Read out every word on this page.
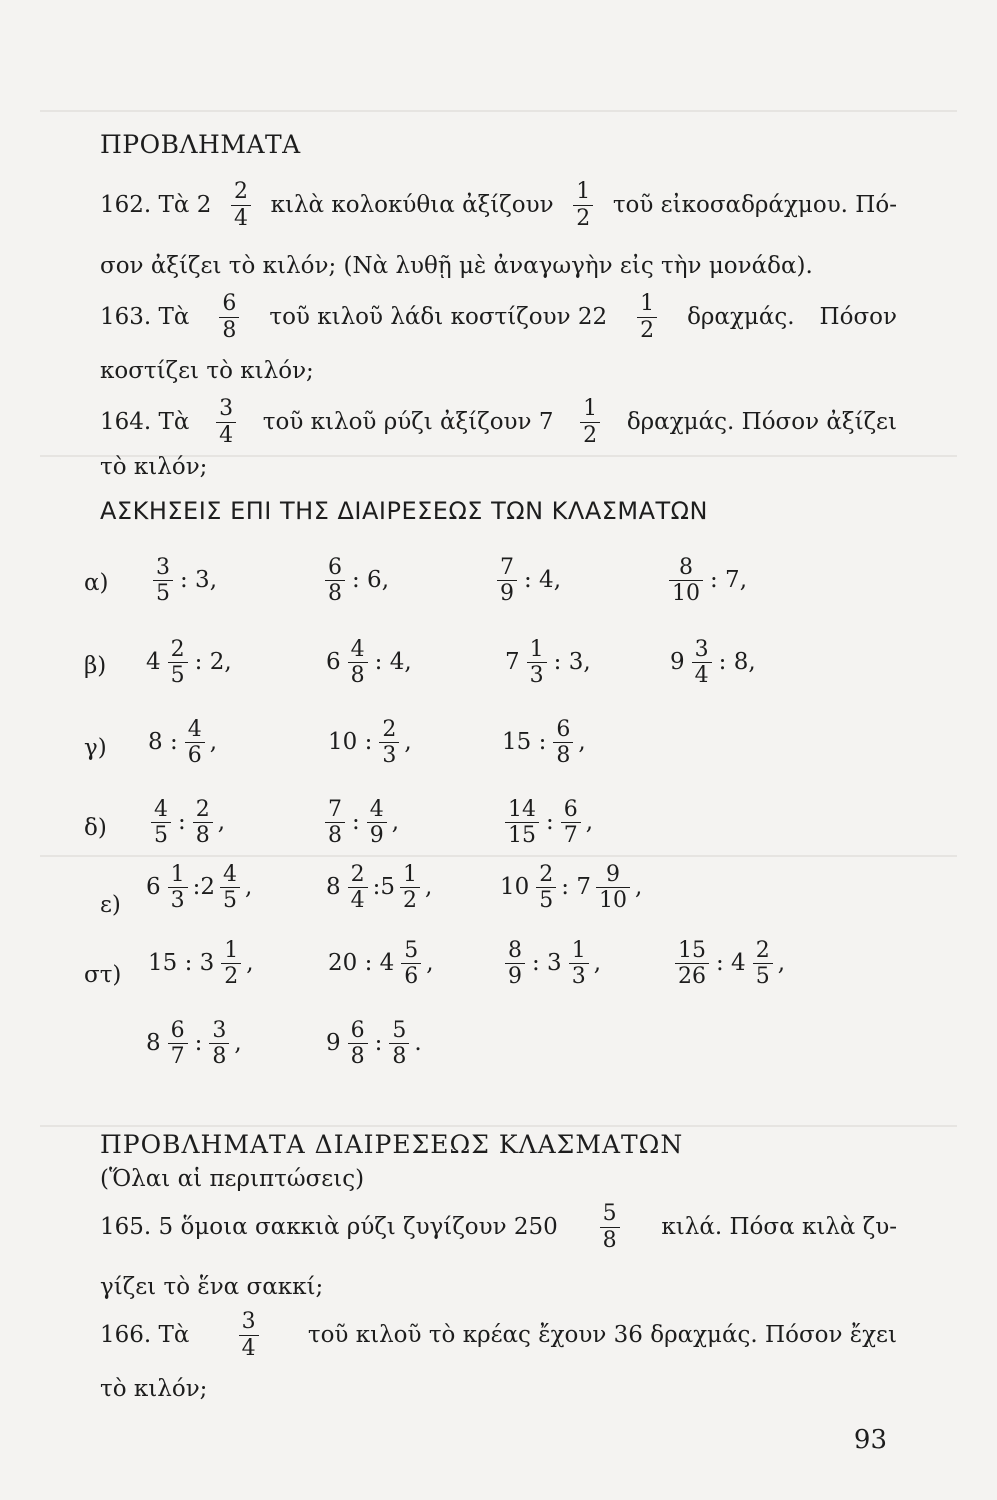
ΠΡΟΒΛΗΜΑΤΑ
162. Τὰ $2 \frac{2}{4}$ κιλὰ κολοκύθια ἀξίζουν $\frac{1}{2}$ τοῦ εἰκοσαδράχμου. Πό-
σον ἀξίζει τὸ κιλόν; (Νὰ λυθῇ μὲ ἀναγωγὴν εἰς τὴν μονάδα).
163. Τὰ $\frac{6}{8}$ τοῦ κιλοῦ λάδι κοστίζουν $22 \frac{1}{2} \delta\rho\alpha\chi\mu ά\varsigma$. Πόσον
κοστίζει τὸ κιλόν;
164. Τὰ $\frac{3}{4}$ τοῦ κιλοῦ ρύζι ἀξίζουν $7 \frac{1}{2} \delta\rho\alpha\chi\mu ά\varsigma$. Πόσον ἀξίζει
τὸ κιλόν;
ΑΣΚΗΣΕΙΣ ΕΠΙ ΤΗΣ ΔΙΑΙΡΕΣΕΩΣ ΤΩΝ ΚΛΑΣΜΑΤΩΝ
$\alpha) \frac{3}{5}$ : 3,	$\frac{6}{8}$ : 6,	$\frac{7}{9}$ : 4,	$\frac{8}{10}$ : 7,
β) $4 \frac{2}{5}$ : 2,	$6 \frac{4}{8}$ : 4,	$7 \frac{1}{3}$ : 3,	$9 \frac{3}{4}$ : 8,
γ) 8 : $\frac{4}{6}$ ,	10 : $\frac{2}{3}$ ,	15 : $\frac{6}{8}$ ,
$\delta) \frac{4}{5}$ : $\frac{2}{8}$ ,	$\frac{7}{8}$ : $\frac{4}{9}$ ,	$\frac{14}{15}$ : $\frac{6}{7}$ ,
ε)
$6 \frac{1}{3}$ :2 $\frac{4}{5}$ ,	$8 \frac{2}{4}$ :5 $\frac{1}{2}$ ,	$10 \frac{2}{5}$ : $7 \frac{9}{10}$ ,
στ) 15 : $3 \frac{1}{2}$ ,	20 : $4 \frac{5}{6}$ ,	$\frac{8}{9}$ : $3 \frac{1}{3}$ ,	$\frac{15}{26}$ : $4 \frac{2}{5}$ ,
$8 \frac{6}{7}$ : $\frac{3}{8}$ ,	$9 \frac{6}{8}$ : $\frac{5}{8}$ .
ΠΡΟΒΛΗΜΑΤΑ ΔΙΑΙΡΕΣΕΩΣ ΚΛΑΣΜΑΤΩΝ
(Ὅλαι αἱ περιπτώσεις)
165. 5 ὅμοια σακκιὰ ρύζι ζυγίζουν $250 \frac{5}{8} \kappa\iota\lambda ά$. Πόσα κιλὰ ζυ-
γίζει τὸ ἕνα σακκί;
166. Τὰ $\frac{3}{4}$ τοῦ κιλοῦ τὸ κρέας ἔχουν 36 δραχμάς. Πόσον ἔχει
τὸ κιλόν;
93
